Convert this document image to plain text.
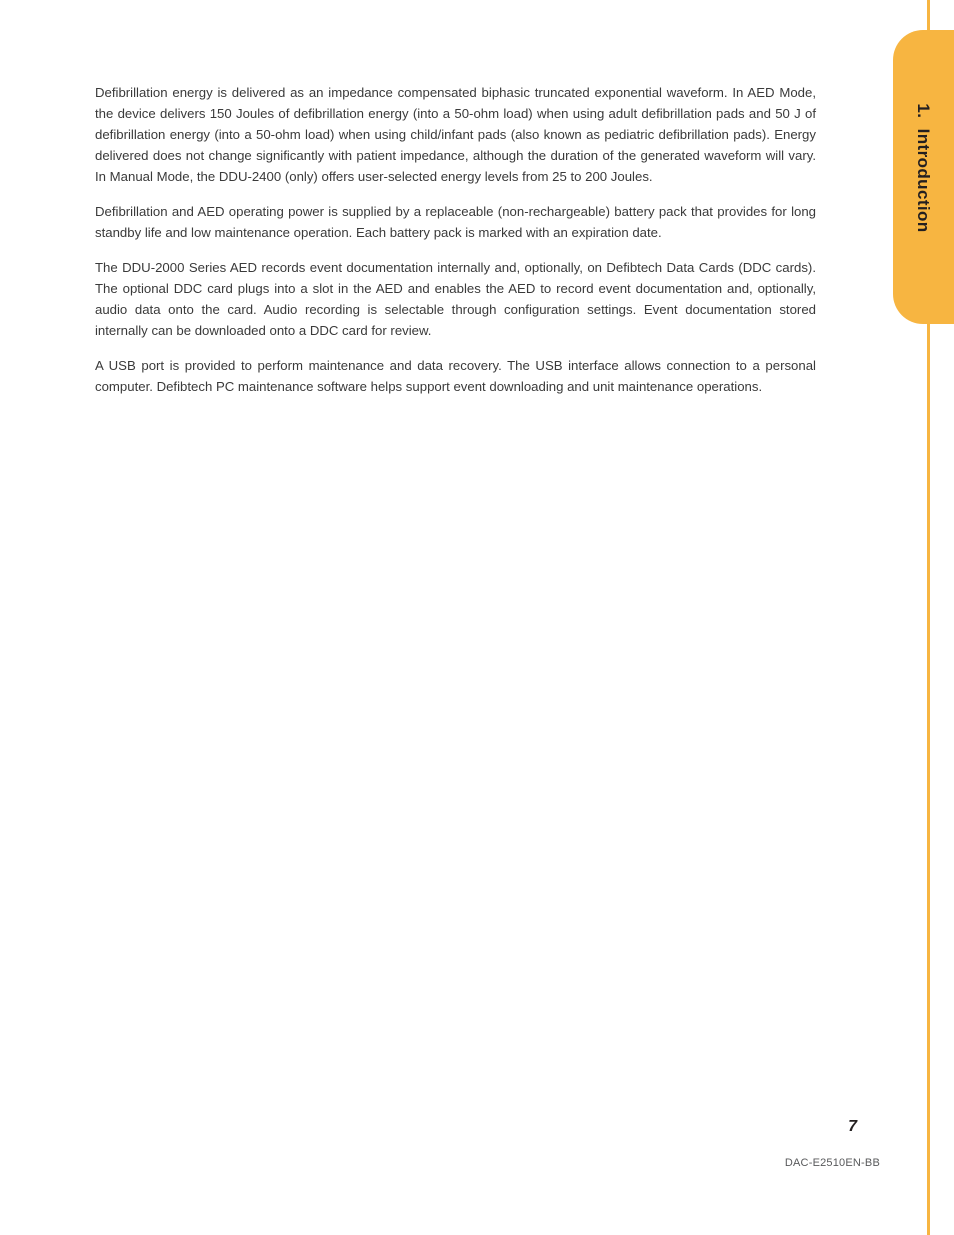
1.  Introduction

Defibrillation energy is delivered as an impedance compensated biphasic truncated exponential waveform. In AED Mode, the device delivers 150 Joules of defibrillation energy (into a 50-ohm load) when using adult defibrillation pads and 50 J of defibrillation energy (into a 50-ohm load) when using child/infant pads (also known as pediatric defibrillation pads). Energy delivered does not change significantly with patient impedance, although the duration of the generated waveform will vary. In Manual Mode, the DDU-2400 (only) offers user-selected energy levels from 25 to 200 Joules.

Defibrillation and AED operating power is supplied by a replaceable (non-rechargeable) battery pack that provides for long standby life and low maintenance operation. Each battery pack is marked with an expiration date.

The DDU-2000 Series AED records event documentation internally and, optionally, on Defibtech Data Cards (DDC cards). The optional DDC card plugs into a slot in the AED and enables the AED to record event documentation and, optionally, audio data onto the card. Audio recording is selectable through configuration settings. Event documentation stored internally can be downloaded onto a DDC card for review.

A USB port is provided to perform maintenance and data recovery. The USB interface allows connection to a personal computer. Defibtech PC maintenance software helps support event downloading and unit maintenance operations.

7
DAC-E2510EN-BB
